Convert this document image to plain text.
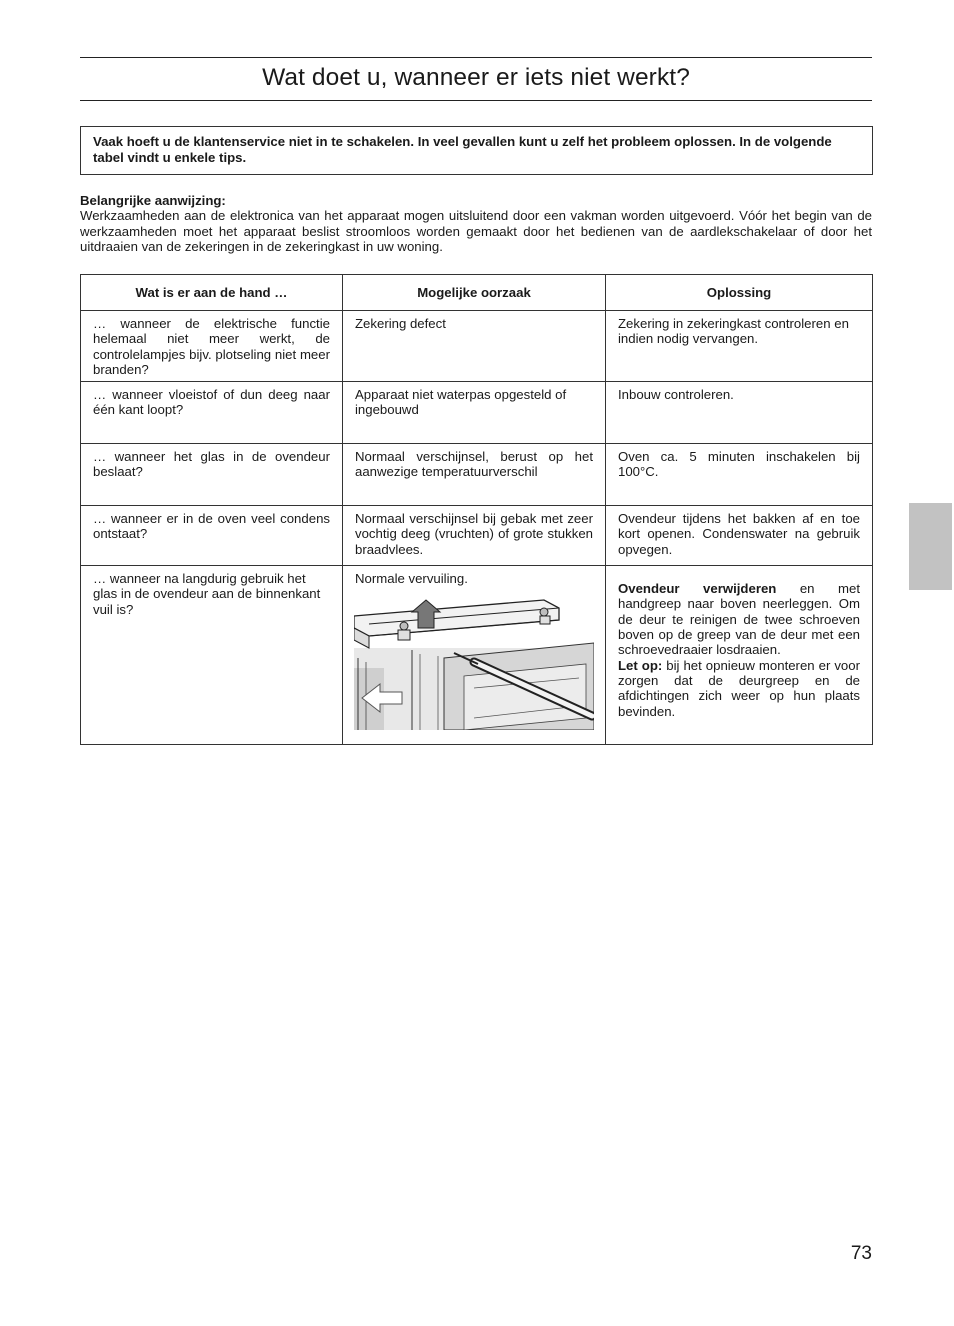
Wat doet u, wanneer er iets niet werkt?
Vaak hoeft u de klantenservice niet in te schakelen. In veel gevallen kunt u zelf het probleem oplossen. In de volgende tabel vindt u enkele tips.
Belangrijke aanwijzing:
Werkzaamheden aan de elektronica van het apparaat mogen uitsluitend door een vakman worden uitgevoerd. Vóór het begin van de werkzaamheden moet het apparaat beslist stroomloos worden gemaakt door het bedienen van de aardlekschakelaar of door het uitdraaien van de zekeringen in de zekeringkast in uw woning.
Wat is er aan de hand …	Mogelijke oorzaak	Oplossing
… wanneer de elektrische functie helemaal niet meer werkt, de controlelampjes bijv. plotseling niet meer branden?	Zekering defect	Zekering in zekeringkast controleren en indien nodig vervangen.
… wanneer vloeistof of dun deeg naar één kant loopt?	Apparaat niet waterpas opgesteld of ingebouwd	Inbouw controleren.
… wanneer het glas in de ovendeur beslaat?	Normaal verschijnsel, berust op het aanwezige temperatuurverschil	Oven ca. 5 minuten inschakelen bij 100°C.
… wanneer er in de oven veel condens ontstaat?	Normaal verschijnsel bij gebak met zeer vochtig deeg (vruchten) of grote stukken braadvlees.	Ovendeur tijdens het bakken af en toe kort openen. Condenswater na gebruik opvegen.
… wanneer na langdurig gebruik het glas in de ovendeur aan de binnenkant vuil is?	Normale vervuiling.	Ovendeur verwijderen en met handgreep naar boven neerleggen. Om de deur te reinigen de twee schroeven boven op de greep van de deur met een schroevedraaier losdraaien.
Let op: bij het opnieuw monteren er voor zorgen dat de deurgreep en de afdichtingen zich weer op hun plaats bevinden.
73
